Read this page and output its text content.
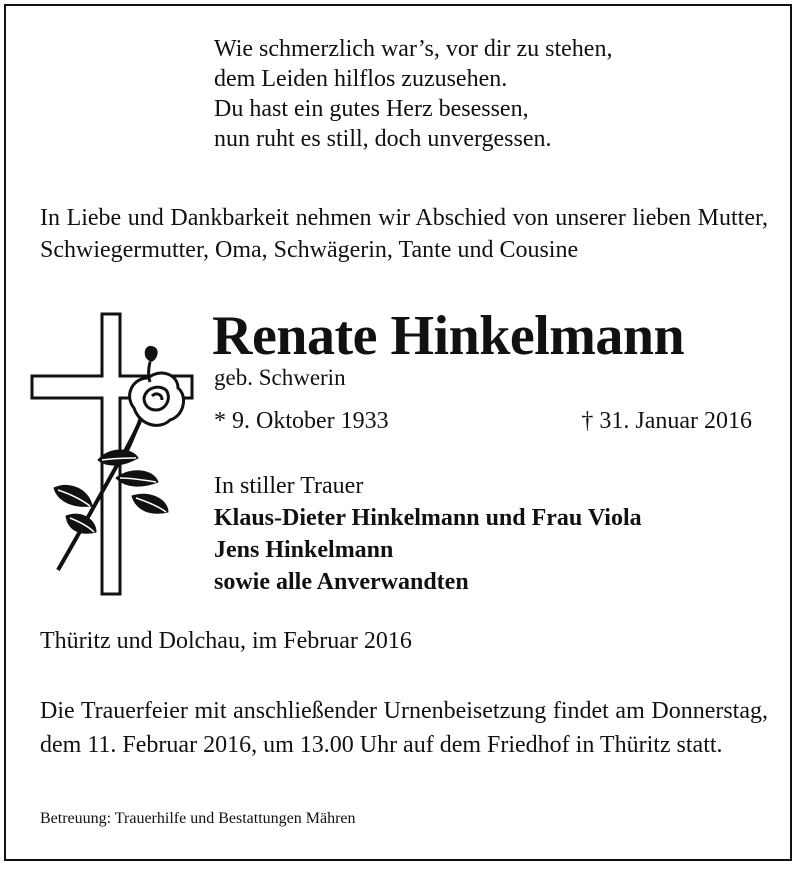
Wie schmerzlich war’s, vor dir zu stehen,
dem Leiden hilflos zuzusehen.
Du hast ein gutes Herz besessen,
nun ruht es still, doch unvergessen.
In Liebe und Dankbarkeit nehmen wir Abschied von unserer lieben Mutter, Schwiegermutter, Oma, Schwägerin, Tante und Cousine
Renate Hinkelmann
geb. Schwerin
* 9. Oktober 1933	† 31. Januar 2016
In stiller Trauer
Klaus-Dieter Hinkelmann und Frau Viola
Jens Hinkelmann
sowie alle Anverwandten
Thüritz und Dolchau, im Februar 2016
Die Trauerfeier mit anschließender Urnenbeisetzung findet am Donnerstag, dem 11. Februar 2016, um 13.00 Uhr auf dem Friedhof in Thüritz statt.
Betreuung: Trauerhilfe und Bestattungen Mähren
